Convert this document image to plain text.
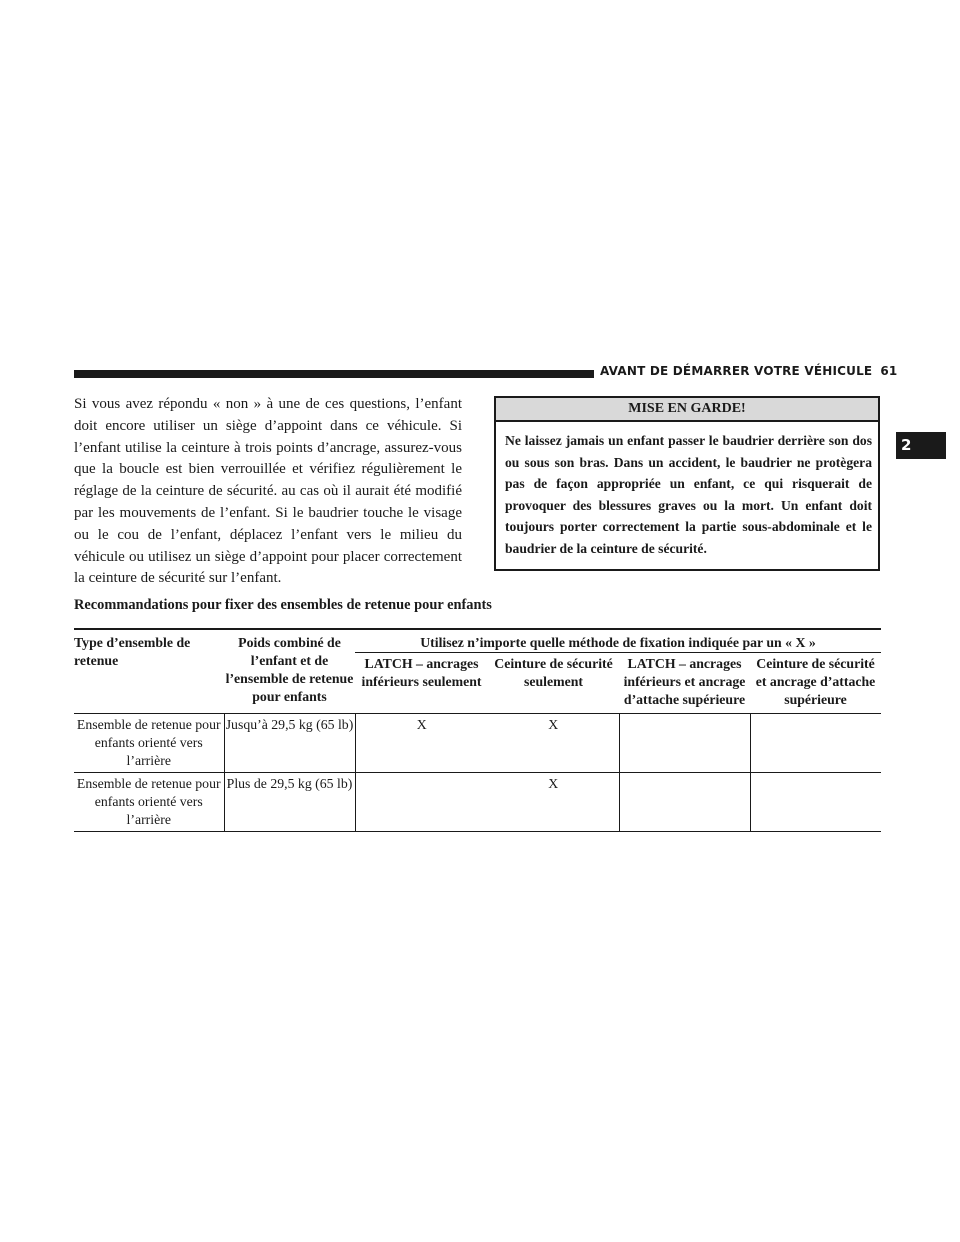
AVANT DE DÉMARRER VOTRE VÉHICULE 61
2

Si vous avez répondu « non » à une de ces questions, l’enfant doit encore utiliser un siège d’appoint dans ce véhicule. Si l’enfant utilise la ceinture à trois points d’ancrage, assurez-vous que la boucle est bien verrouillée et vérifiez régulièrement le réglage de la ceinture de sécurité. au cas où il aurait été modifié par les mouvements de l’enfant. Si le baudrier touche le visage ou le cou de l’enfant, déplacez l’enfant vers le milieu du véhicule ou utilisez un siège d’appoint pour placer correctement la ceinture de sécurité sur l’enfant.

MISE EN GARDE!
Ne laissez jamais un enfant passer le baudrier derrière son dos ou sous son bras. Dans un accident, le baudrier ne protègera pas de façon appropriée un enfant, ce qui risquerait de provoquer des blessures graves ou la mort. Un enfant doit toujours porter correctement la partie sous-abdominale et le baudrier de la ceinture de sécurité.
Recommandations pour fixer des ensembles de retenue pour enfants
Type d’ensemble de retenue	Poids combiné de l’enfant et de l’ensemble de retenue pour enfants	Utilisez n’importe quelle méthode de fixation indiquée par un « X »			
		LATCH – ancrages inférieurs seulement	Ceinture de sécurité seulement	LATCH – ancrages inférieurs et ancrage d’attache supérieure	Ceinture de sécurité et ancrage d’attache supérieure
Ensemble de retenue pour enfants orienté vers l’arrière	Jusqu’à 29,5 kg (65 lb)	X	X		
Ensemble de retenue pour enfants orienté vers l’arrière	Plus de 29,5 kg (65 lb)		X		
